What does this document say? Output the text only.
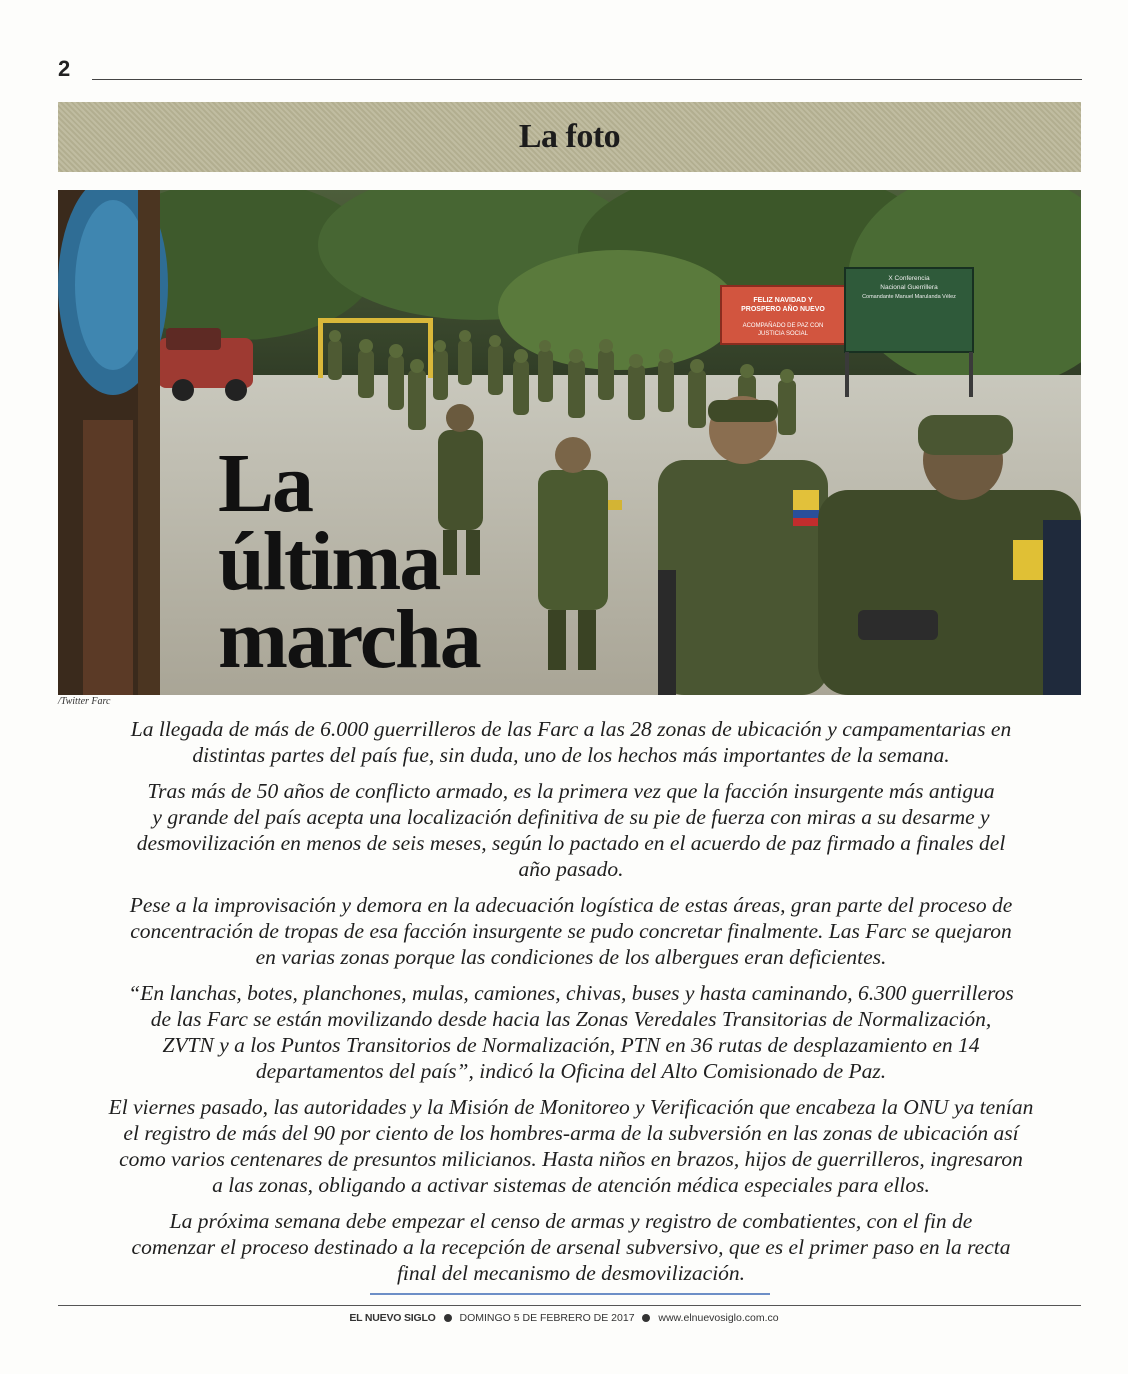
2
La foto
FELIZ NAVIDAD Y
PROSPERO AÑO NUEVO
ACOMPAÑADO DE PAZ CON
JUSTICIA SOCIAL
X Conferencia
Nacional Guerrillera
Comandante Manuel Marulanda Vélez
La
última
marcha
/Twitter Farc

La llegada de más de 6.000 guerrilleros de las Farc a las 28 zonas de ubicación y campamentarias en
distintas partes del país fue, sin duda, uno de los hechos más importantes de la semana.

Tras más de 50 años de conflicto armado, es la primera vez que la facción insurgente más antigua
y grande del país acepta una localización definitiva de su pie de fuerza con miras a su desarme y
desmovilización en menos de seis meses, según lo pactado en el acuerdo de paz firmado a finales del
año pasado.

Pese a la improvisación y demora en la adecuación logística de estas áreas, gran parte del proceso de
concentración de tropas de esa facción insurgente se pudo concretar finalmente. Las Farc se quejaron
en varias zonas porque las condiciones de los albergues eran deficientes.

“En lanchas, botes, planchones, mulas, camiones, chivas, buses y hasta caminando, 6.300 guerrilleros
de las Farc se están movilizando desde hacia las Zonas Veredales Transitorias de Normalización,
ZVTN y a los Puntos Transitorios de Normalización, PTN en 36 rutas de desplazamiento en 14
departamentos del país”, indicó la Oficina del Alto Comisionado de Paz.

El viernes pasado, las autoridades y la Misión de Monitoreo y Verificación que encabeza la ONU ya tenían
el registro de más del 90 por ciento de los hombres-arma de la subversión en las zonas de ubicación así
como varios centenares de presuntos milicianos. Hasta niños en brazos, hijos de guerrilleros, ingresaron
a las zonas, obligando a activar sistemas de atención médica especiales para ellos.

La próxima semana debe empezar el censo de armas y registro de combatientes, con el fin de
comenzar el proceso destinado a la recepción de arsenal subversivo, que es el primer paso en la recta
final del mecanismo de desmovilización.

EL NUEVO SIGLO DOMINGO 5 DE FEBRERO DE 2017 www.elnuevosiglo.com.co
